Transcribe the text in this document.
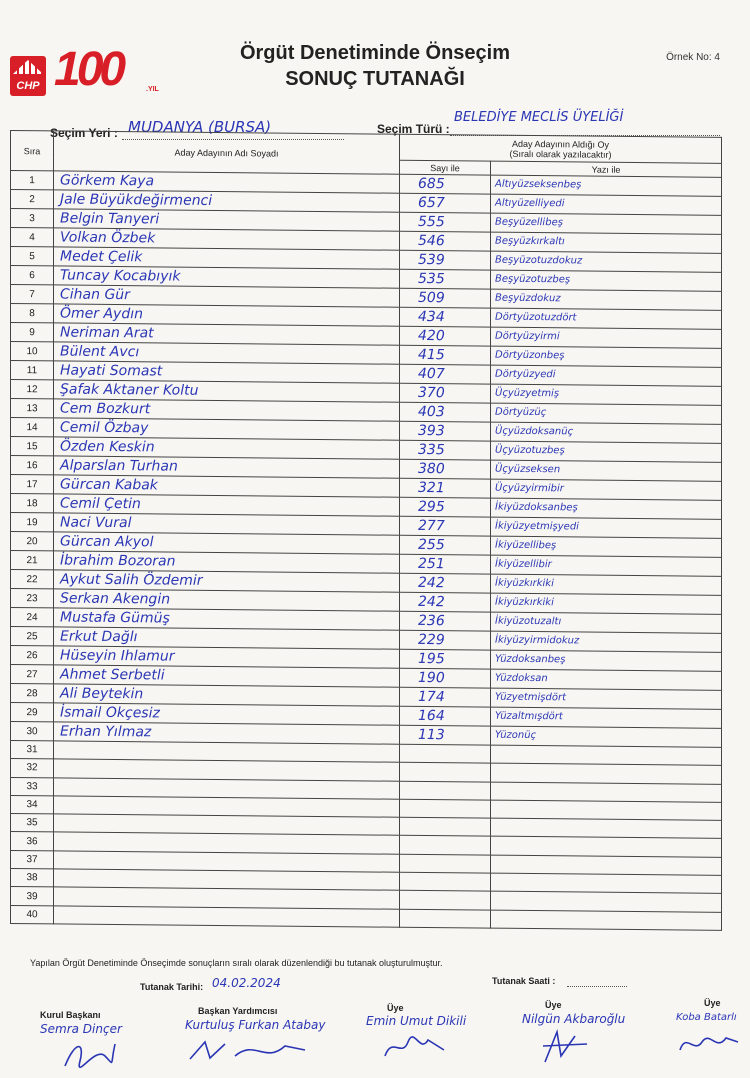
CHP 100	.YIL
Örgüt Denetiminde Önseçim
SONUÇ TUTANAĞI
Örnek No: 4
Seçim Yeri : MUDANYA (BURSA)	Seçim Türü :
BELEDİYE MECLİS ÜYELİĞİ
Sıra	Aday Adayının Adı Soyadı	Aday Adayının Aldığı Oy
(Sıralı olarak yazılacaktır)	

		Sayı ile	Yazı ile
1	Görkem Kaya	685	Altıyüzseksenbeş

2	Jale Büyükdeğirmenci	657	Altıyüzelliyedi

3	Belgin Tanyeri	555	Beşyüzellibeş

4	Volkan Özbek	546	Beşyüzkırkaltı

5	Medet Çelik	539	Beşyüzotuzdokuz

6	Tuncay Kocabıyık	535	Beşyüzotuzbeş

7	Cihan Gür	509	Beşyüzdokuz

8	Ömer Aydın	434	Dörtyüzotuzdört

9	Neriman Arat	420	Dörtyüzyirmi

10	Bülent Avcı	415	Dörtyüzonbeş

11	Hayati Somast	407	Dörtyüzyedi

12	Şafak Aktaner Koltu	370	Üçyüzyetmiş

13	Cem Bozkurt	403	Dörtyüzüç

14	Cemil Özbay	393	Üçyüzdoksanüç

15	Özden Keskin	335	Üçyüzotuzbeş

16	Alparslan Turhan	380	Üçyüzseksen

17	Gürcan Kabak	321	Üçyüzyirmibir

18	Cemil Çetin	295	İkiyüzdoksanbeş

19	Naci Vural	277	İkiyüzyetmişyedi

20	Gürcan Akyol	255	İkiyüzellibeş

21	İbrahim Bozoran	251	İkiyüzellibir

22	Aykut Salih Özdemir	242	İkiyüzkırkiki

23	Serkan Akengin	242	İkiyüzkırkiki

24	Mustafa Gümüş	236	İkiyüzotuzaltı

25	Erkut Dağlı	229	İkiyüzyirmidokuz

26	Hüseyin Ihlamur	195	Yüzdoksanbeş

27	Ahmet Serbetli	190	Yüzdoksan

28	Ali Beytekin	174	Yüzyetmişdört

29	İsmail Okçesiz	164	Yüzaltmışdört

30	Erhan Yılmaz	113	Yüzonüç

31	

32	

33	

34	

35	

36	

37	

38	

39	

40	

Yapılan Örgüt Denetiminde Önseçimde sonuçların sıralı olarak düzenlendiği bu tutanak oluşturulmuştur.
Tutanak Tarihi: 04.02.2024	Tutanak Saati :
Kurul Başkanı
Semra Dinçer
Başkan Yardımcısı
Kurtuluş Furkan Atabay
Üye
Emin Umut Dikili
Üye
Nilgün Akbaroğlu
Üye
Koba Batarlı
